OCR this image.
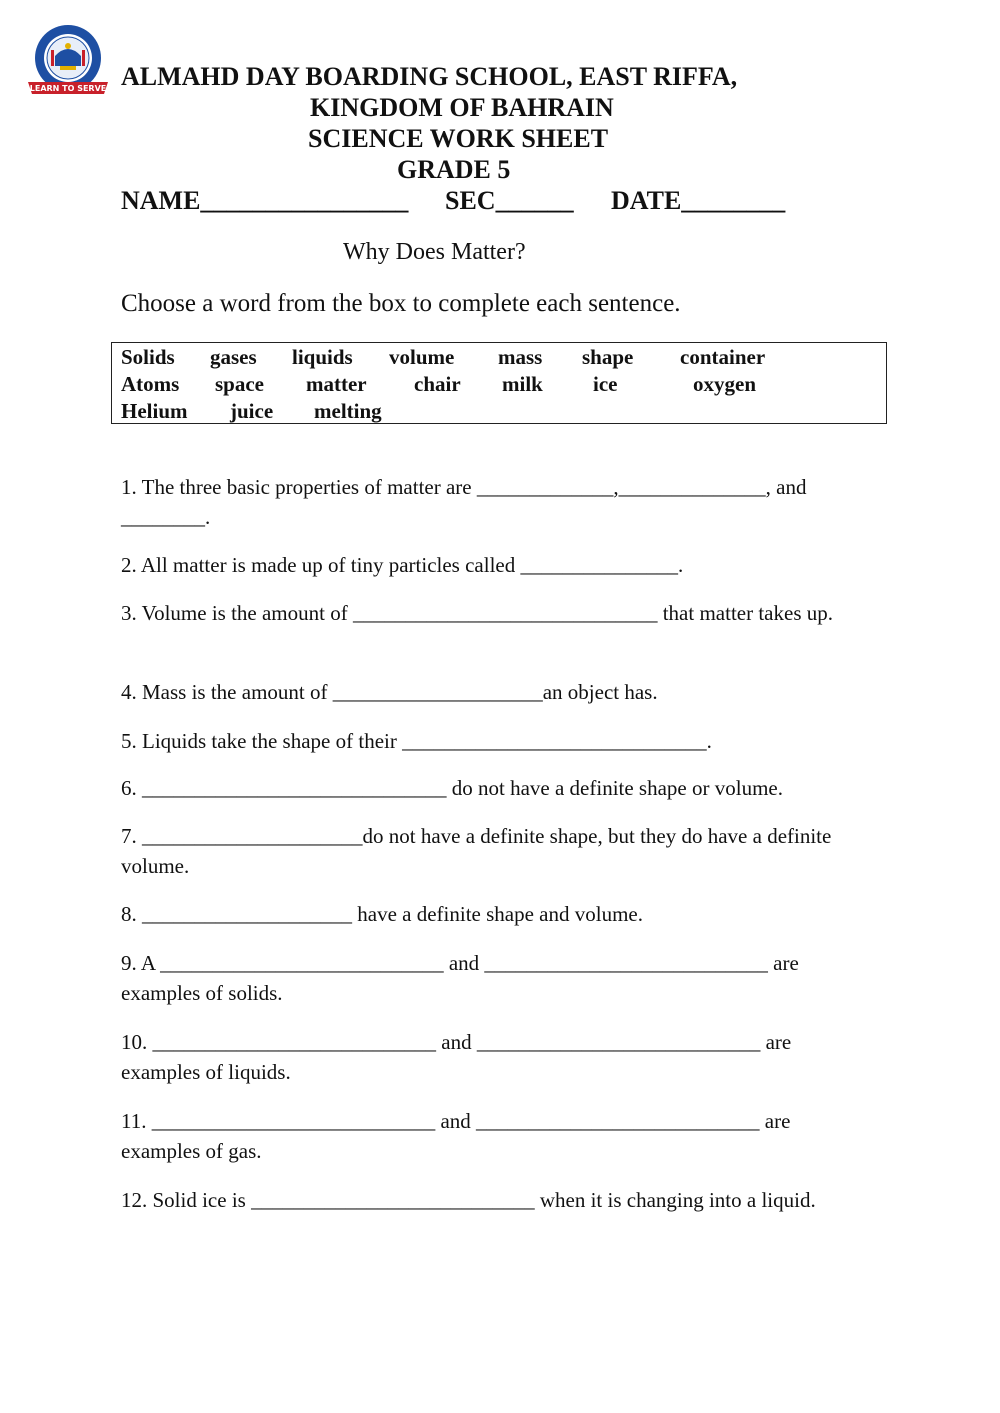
LEARN TO SERVE ALMAHD DAY BOARDING SCHOOL, EAST RIFFA,
KINGDOM OF BAHRAIN
SCIENCE WORK SHEET
GRADE 5
NAME________________ SEC______ DATE________
Why Does Matter?
Choose a word from the box to complete each sentence.
Solids gases liquids volume mass shape container
Atoms space matter chair milk ice	oxygen
Helium juice melting
1. The three basic properties of matter are _____________,______________, and ________.
2. All matter is made up of tiny particles called _______________.
3. Volume is the amount of _____________________________ that matter takes up.
4. Mass is the amount of ____________________an object has.
5. Liquids take the shape of their _____________________________.
6. _____________________________ do not have a definite shape or volume.
7. _____________________do not have a definite shape, but they do have a definite volume.
8. ____________________ have a definite shape and volume.
9. A ___________________________ and ___________________________ are examples of solids.
10. ___________________________ and ___________________________ are examples of liquids.
11. ___________________________ and ___________________________ are examples of gas.
12. Solid ice is ___________________________ when it is changing into a liquid.
